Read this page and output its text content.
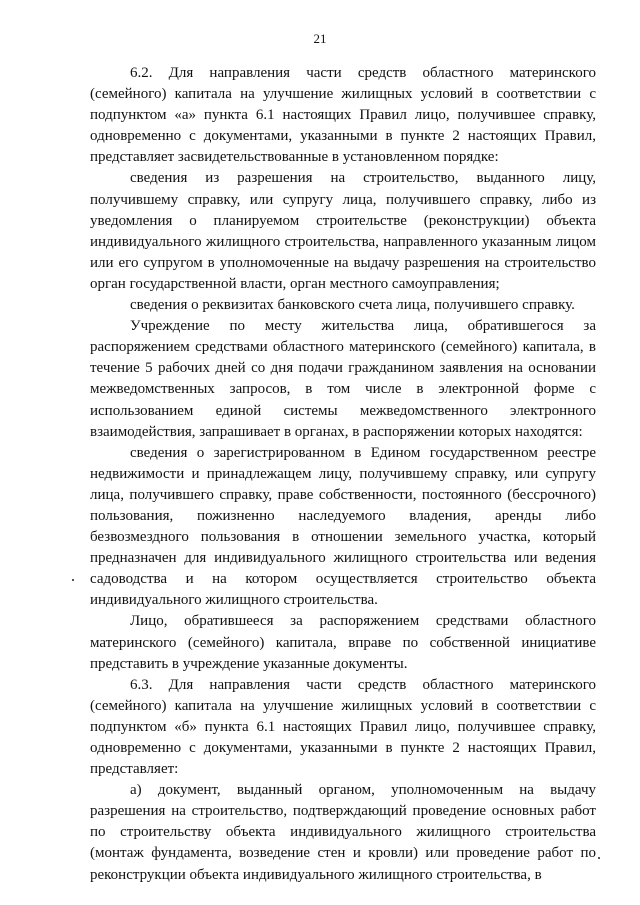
21

6.2. Для направления части средств областного материнского (семейного) капитала на улучшение жилищных условий в соответствии с подпунктом «а» пункта 6.1 настоящих Правил лицо, получившее справку, одновременно с документами, указанными в пункте 2 настоящих Правил, представляет засвидетельствованные в установленном порядке:

сведения из разрешения на строительство, выданного лицу, получившему справку, или супругу лица, получившего справку, либо из уведомления о планируемом строительстве (реконструкции) объекта индивидуального жилищного строительства, направленного указанным лицом или его супругом в уполномоченные на выдачу разрешения на строительство орган государственной власти, орган местного самоуправления;

сведения о реквизитах банковского счета лица, получившего справку.

Учреждение по месту жительства лица, обратившегося за распоряжением средствами областного материнского (семейного) капитала, в течение 5 рабочих дней со дня подачи гражданином заявления на основании межведомственных запросов, в том числе в электронной форме с использованием единой системы межведомственного электронного взаимодействия, запрашивает в органах, в распоряжении которых находятся:

сведения о зарегистрированном в Едином государственном реестре недвижимости и принадлежащем лицу, получившему справку, или супругу лица, получившего справку, праве собственности, постоянного (бессрочного) пользования, пожизненно наследуемого владения, аренды либо безвозмездного пользования в отношении земельного участка, который предназначен для индивидуального жилищного строительства или ведения садоводства и на котором осуществляется строительство объекта индивидуального жилищного строительства.

Лицо, обратившееся за распоряжением средствами областного материнского (семейного) капитала, вправе по собственной инициативе представить в учреждение указанные документы.

6.3. Для направления части средств областного материнского (семейного) капитала на улучшение жилищных условий в соответствии с подпунктом «б» пункта 6.1 настоящих Правил лицо, получившее справку, одновременно с документами, указанными в пункте 2 настоящих Правил, представляет:

а) документ, выданный органом, уполномоченным на выдачу разрешения на строительство, подтверждающий проведение основных работ по строительству объекта индивидуального жилищного строительства (монтаж фундамента, возведение стен и кровли) или проведение работ по реконструкции объекта индивидуального жилищного строительства, в
